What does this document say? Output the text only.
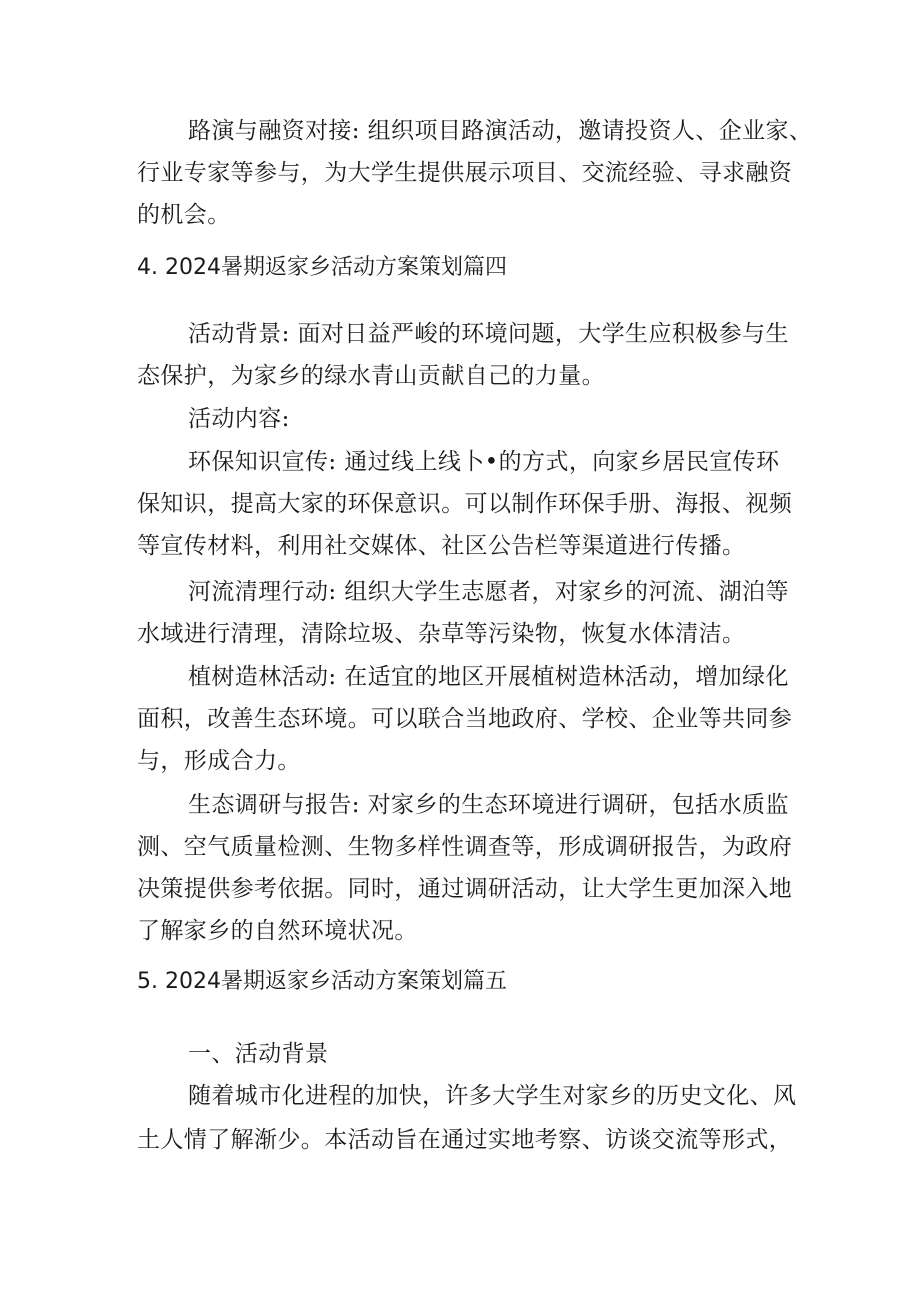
路演与融资对接: 组织项目路演活动，邀请投资人、企业家、

行业专家等参与，为大学生提供展示项目、交流经验、寻求融资

的机会。

4. 2024暑期返家乡活动方案策划篇四

活动背景: 面对日益严峻的环境问题，大学生应积极参与生

态保护，为家乡的绿水青山贡献自己的力量。

活动内容:

环保知识宣传: 通过线上线卜•的方式，向家乡居民宣传环

保知识，提高大家的环保意识。可以制作环保手册、海报、视频

等宣传材料，利用社交媒体、社区公告栏等渠道进行传播。

河流清理行动: 组织大学生志愿者，对家乡的河流、湖泊等

水域进行清理，清除垃圾、杂草等污染物，恢复水体清洁。

植树造林活动: 在适宜的地区开展植树造林活动，增加绿化

面积，改善生态环境。可以联合当地政府、学校、企业等共同参

与，形成合力。

生态调研与报告: 对家乡的生态环境进行调研，包括水质监

测、空气质量检测、生物多样性调查等，形成调研报告，为政府

决策提供参考依据。同时，通过调研活动，让大学生更加深入地

了解家乡的自然环境状况。

5. 2024暑期返家乡活动方案策划篇五

一、活动背景

随着城市化进程的加快，许多大学生对家乡的历史文化、风

土人情了解渐少。本活动旨在通过实地考察、访谈交流等形式，
